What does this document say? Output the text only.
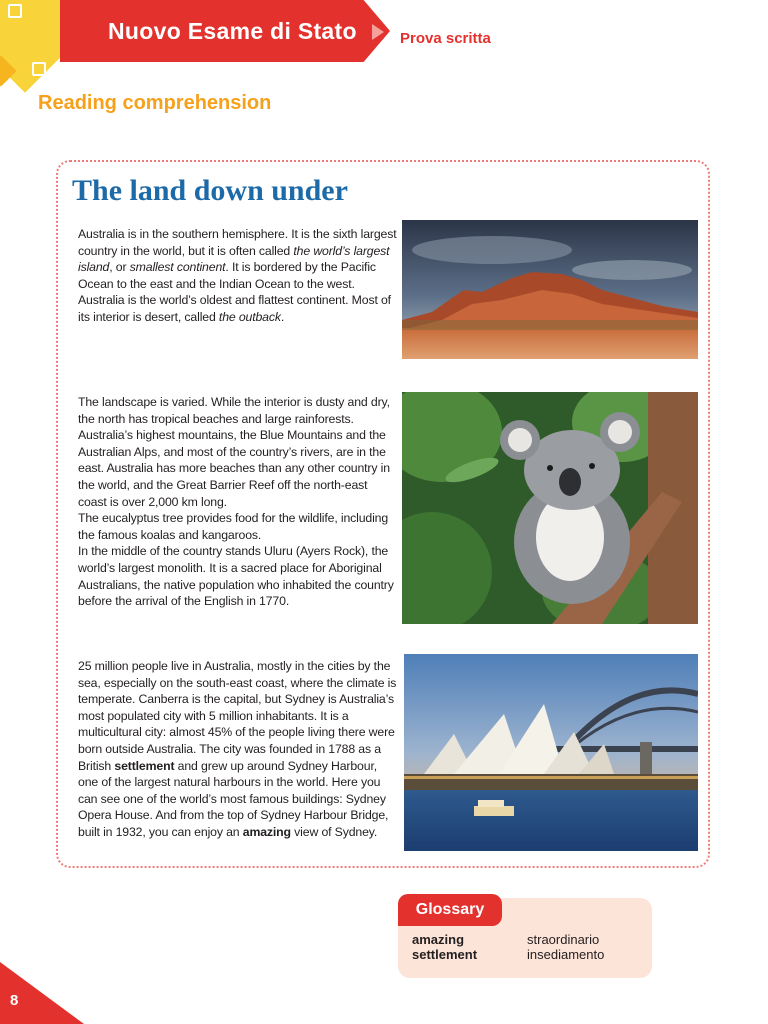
Nuovo Esame di Stato	Prova scritta
Reading comprehension
The land down under

Australia is in the southern hemisphere. It is the sixth largest country in the world, but it is often called the world’s largest island, or smallest continent. It is bordered by the Pacific Ocean to the east and the Indian Ocean to the west. Australia is the world’s oldest and flattest continent. Most of its interior is desert, called the outback.

The landscape is varied. While the interior is dusty and dry, the north has tropical beaches and large rainforests. Australia’s highest mountains, the Blue Mountains and the Australian Alps, and most of the country’s rivers, are in the east. Australia has more beaches than any other country in the world, and the Great Barrier Reef off the north-east coast is over 2,000 km long.

The eucalyptus tree provides food for the wildlife, including the famous koalas and kangaroos.

In the middle of the country stands Uluru (Ayers Rock), the world’s largest monolith. It is a sacred place for Aboriginal Australians, the native population who inhabited the country before the arrival of the English in 1770.

25 million people live in Australia, mostly in the cities by the sea, especially on the south-east coast, where the climate is temperate. Canberra is the capital, but Sydney is Australia’s most populated city with 5 million inhabitants. It is a multicultural city: almost 45% of the people living there were born outside Australia. The city was founded in 1788 as a British settlement and grew up around Sydney Harbour, one of the largest natural harbours in the world. Here you can see one of the world’s most famous buildings: Sydney Opera House. And from the top of Sydney Harbour Bridge, built in 1932, you can enjoy an amazing view of Sydney.

Glossary
amazing	straordinario
settlement	insediamento
8
